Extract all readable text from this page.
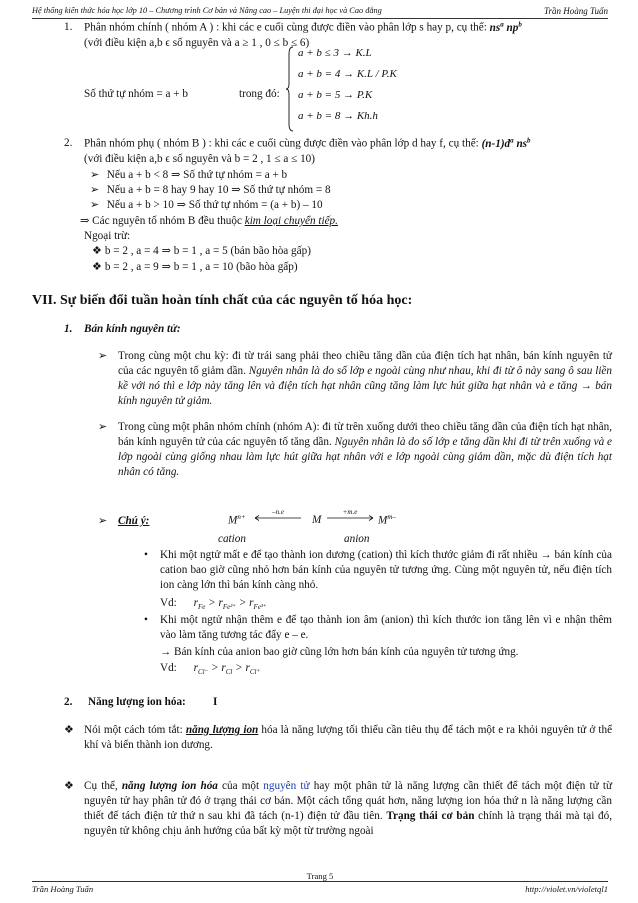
Hệ thống kiến thức hóa học lớp 10 – Chương trình Cơ bản và Nâng cao – Luyện thi đại học và Cao đẳng	Trần Hoàng Tuấn
1. Phân nhóm chính ( nhóm A ) : khi các e cuối cùng được điền vào phân lớp s hay p, cụ thể: $ns^a$ $np^b$
(với điều kiện a,b ϵ số nguyên và a ≥ 1 , 0 ≤ b ≤ 6)
Số thứ tự nhóm = a + b	trong đó:
a + b ≤ 3 → K.L
a + b = 4 → K.L / P.K
a + b = 5 → P.K
a + b = 8 → Kh.h
2. Phân nhóm phụ ( nhóm B ) : khi các e cuối cùng được điền vào phân lớp d hay f, cụ thể: $(n-1)d^a$ $ns^b$
(với điều kiện a,b ϵ số nguyên và b = 2 , 1 ≤ a ≤ 10)
➢ Nếu a + b < 8 ⇒ Số thứ tự nhóm = a + b
➢ Nếu a + b = 8 hay 9 hay 10 ⇒ Số thứ tự nhóm = 8
➢ Nếu a + b > 10 ⇒ Số thứ tự nhóm = (a + b) – 10
⇒ Các nguyên tố nhóm B đều thuộc kim loại chuyển tiếp.
Ngoại trừ:
❖ b = 2 , a = 4 ⇒ b = 1 , a = 5 (bán bão hòa gấp)
❖ b = 2 , a = 9 ⇒ b = 1 , a = 10 (bão hòa gấp)
VII. Sự biến đổi tuần hoàn tính chất của các nguyên tố hóa học:
1. Bán kính nguyên tử:
➢ Trong cùng một chu kỳ: đi từ trái sang phải theo chiều tăng dần của điện tích hạt nhân, bán kính nguyên tử của các nguyên tố giảm dần. Nguyên nhân là do số lớp e ngoài cùng như nhau, khi đi từ ô này sang ô sau liền kề với nó thì e lớp này tăng lên và điện tích hạt nhân cũng tăng làm lực hút giữa hạt nhân và e tăng → bán kính nguyên tử giảm.
➢ Trong cùng một phân nhóm chính (nhóm A): đi từ trên xuống dưới theo chiều tăng dần của điện tích hạt nhân, bán kính nguyên tử của các nguyên tố tăng dần. Nguyên nhân là do số lớp e tăng dần khi đi từ trên xuống và e lớp ngoài cùng giống nhau làm lực hút giữa hạt nhân với e lớp ngoài cùng giảm dần, mặc dù điện tích hạt nhân có tăng.
➢ Chú ý:	$M^{n+}$
–n.e
M
+m.e
$M^{m-}$
cation	anion
• Khi một ngtử mất e để tạo thành ion dương (cation) thì kích thước giảm đi rất nhiều → bán kính của cation bao giờ cũng nhỏ hơn bán kính của nguyên tử tương ứng. Cùng một nguyên tử, nếu điện tích ion càng lớn thì bán kính càng nhỏ.
Vd: $r_{Fe} > r_{Fe^{2+}} > r_{Fe^{3+}}$
• Khi một ngtử nhận thêm e để tạo thành ion âm (anion) thì kích thước ion tăng lên vì e nhận thêm vào làm tăng tương tác đẩy e – e.
→ Bán kính của anion bao giờ cũng lớn hơn bán kính của nguyên tử tương ứng.
Vd: $r_{Cl^-} > r_{Cl} > r_{Cl^+}$
2. Năng lượng ion hóa: I
❖ Nói một cách tóm tắt: năng lượng ion hóa là năng lượng tối thiểu cần tiêu thụ để tách một e ra khỏi nguyên tử ở thể khí và biến thành ion dương.
❖ Cụ thể, năng lượng ion hóa của một nguyên tử hay một phân tử là năng lượng cần thiết để tách một điện tử từ nguyên tử hay phân tử đó ở trạng thái cơ bản. Một cách tổng quát hơn, năng lượng ion hóa thứ n là năng lượng cần thiết để tách điện tử thứ n sau khi đã tách (n-1) điện tử đầu tiên. Trạng thái cơ bản chính là trạng thái mà tại đó, nguyên tử không chịu ảnh hưởng của bất kỳ một từ trường ngoài
Trần Hoàng Tuấn
Trang 5
http://violet.vn/violetql1
